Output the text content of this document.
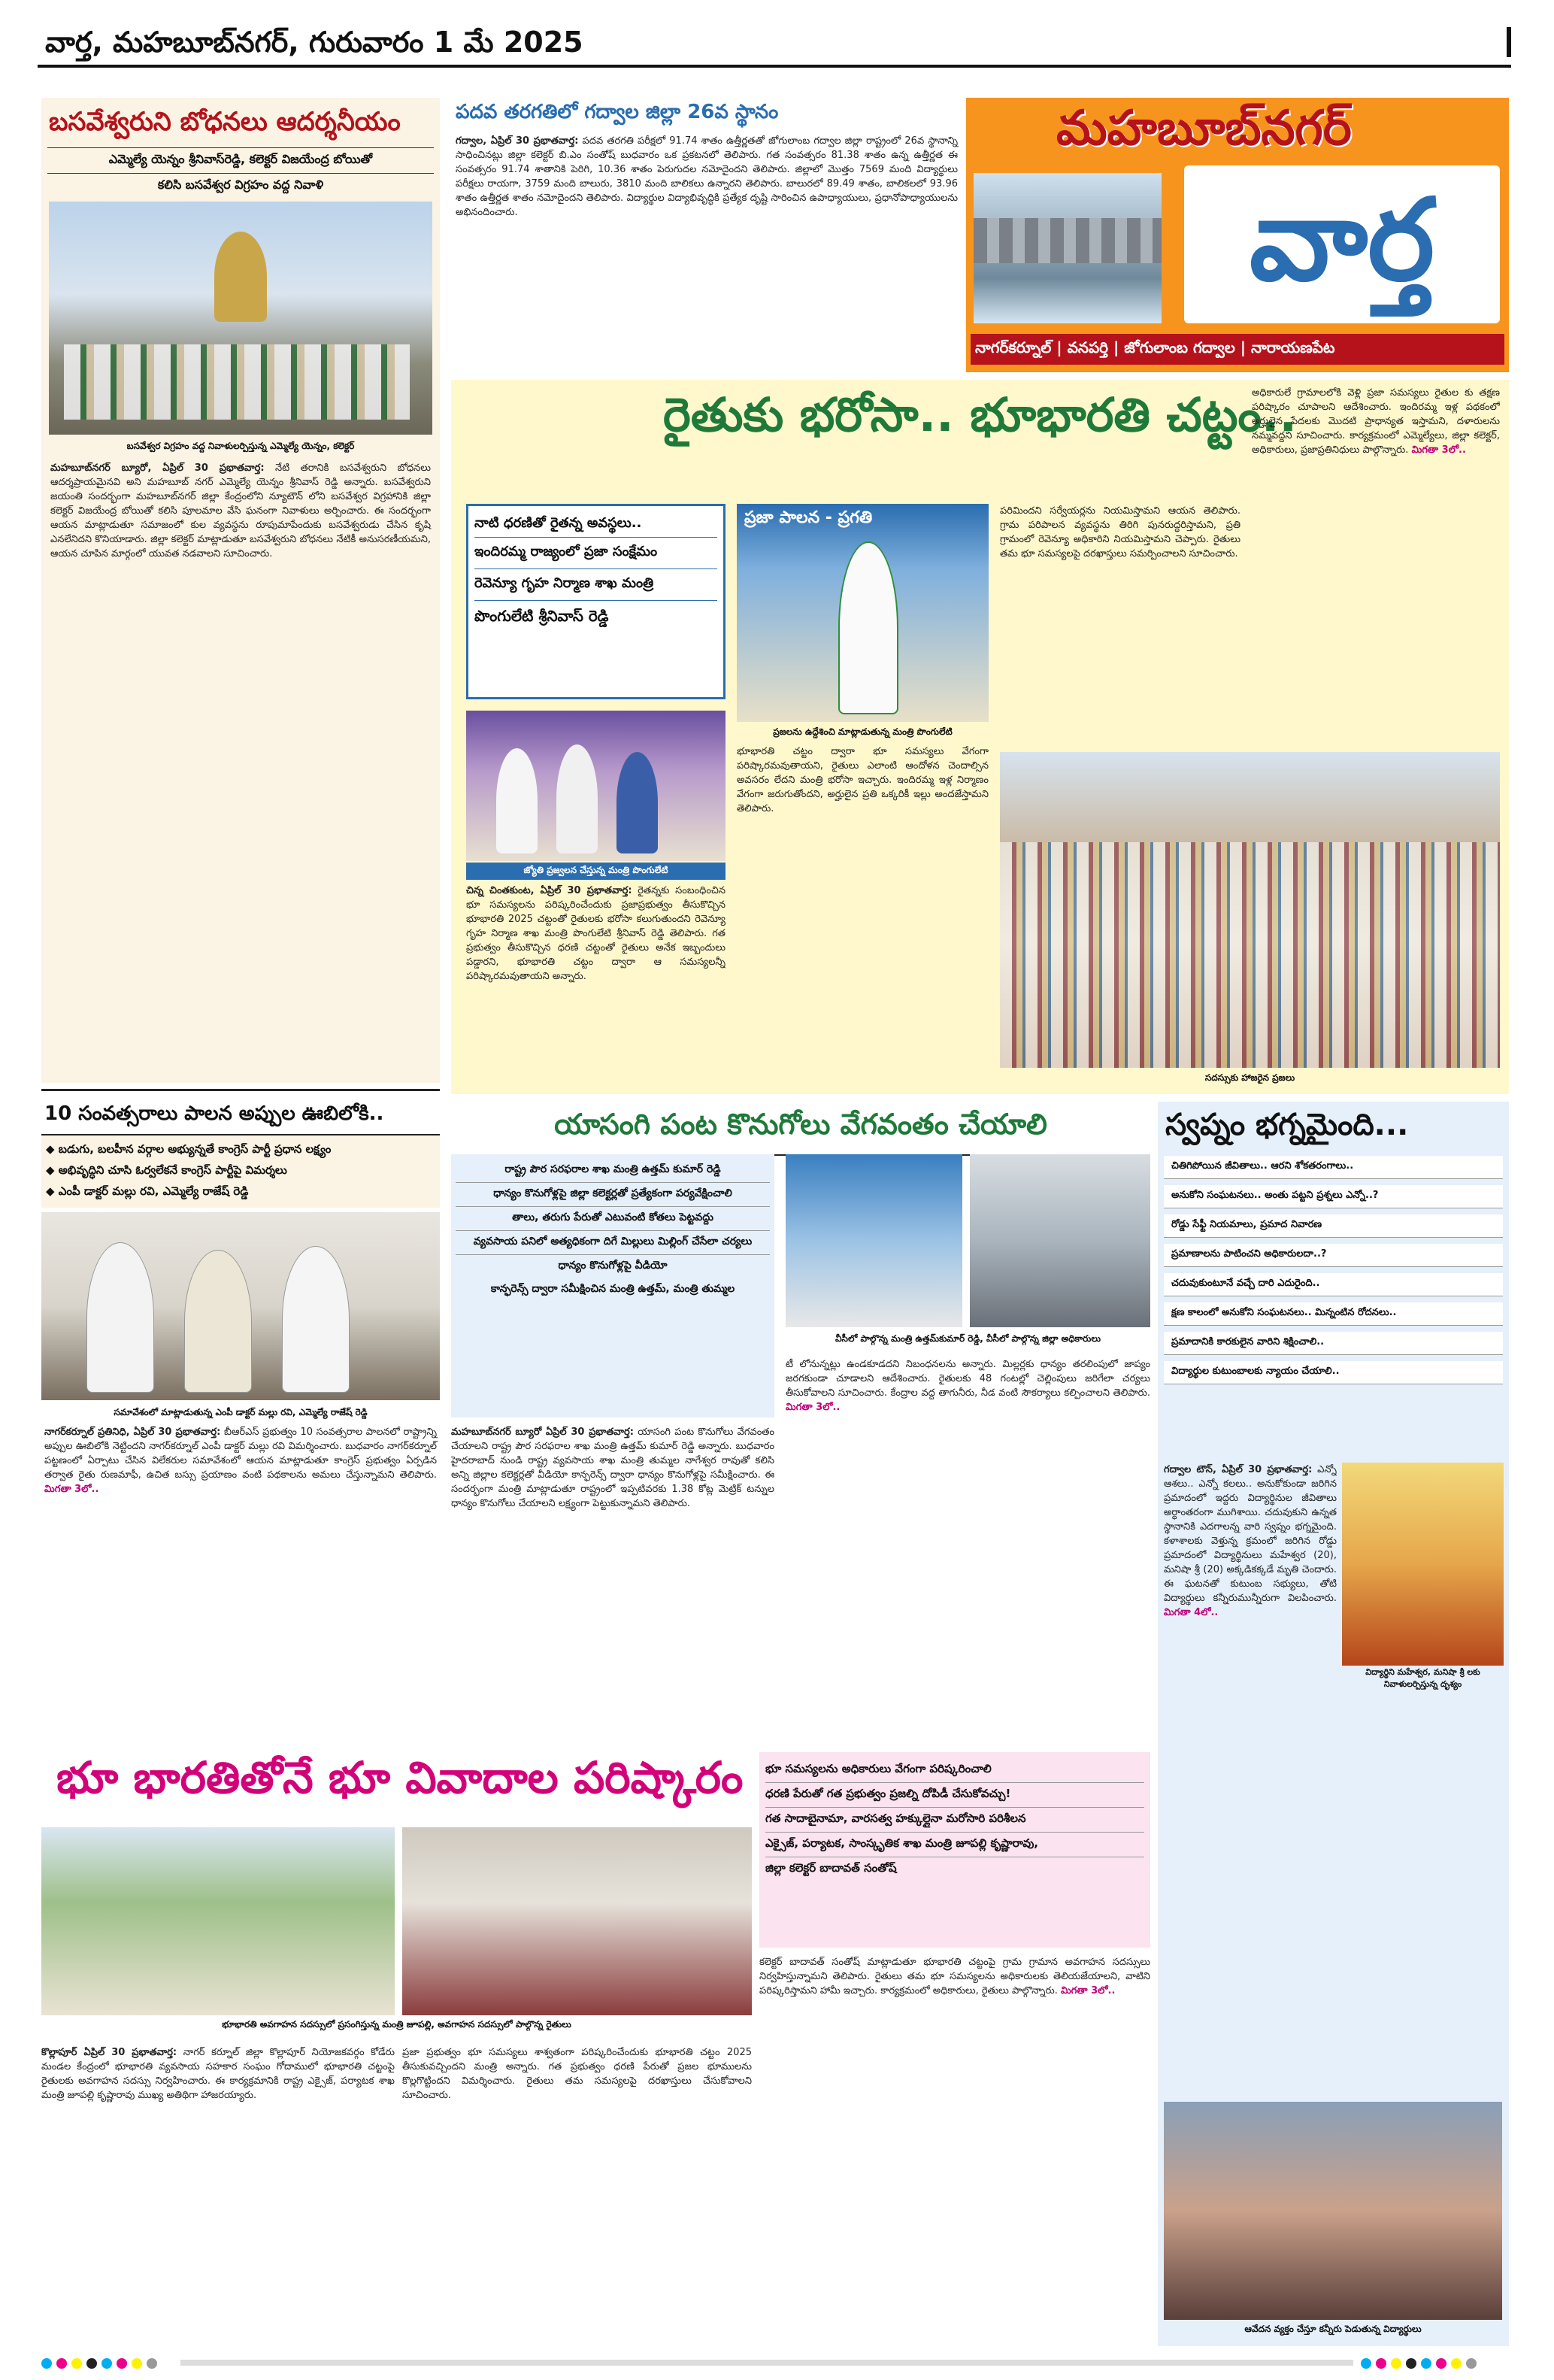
వార్త, మహబూబ్‌నగర్, గురువారం 1 మే 2025
బసవేశ్వరుని బోధనలు ఆదర్శనీయం
ఎమ్మెల్యే యెన్నం శ్రీనివాస్‌రెడ్డి, కలెక్టర్ విజయేంద్ర బోయితో
కలిసి బసవేశ్వర విగ్రహం వద్ద నివాళి
బసవేశ్వర విగ్రహం వద్ద నివాళులర్పిస్తున్న ఎమ్మెల్యే యెన్నం, కలెక్టర్
మహబూబ్‌నగర్ బ్యూరో, ఏప్రిల్ 30 ప్రభాతవార్త: నేటి తరానికి బసవేశ్వరుని బోధనలు ఆదర్శప్రాయమైనవి అని మహబూబ్ నగర్ ఎమ్మెల్యే యెన్నం శ్రీనివాస్ రెడ్డి అన్నారు. బసవేశ్వరుని జయంతి సందర్భంగా మహబూబ్‌నగర్ జిల్లా కేంద్రంలోని న్యూటౌన్ లోని బసవేశ్వర విగ్రహానికి జిల్లా కలెక్టర్ విజయేంద్ర బోయితో కలిసి పూలమాల వేసి ఘనంగా నివాళులు అర్పించారు. ఈ సందర్భంగా ఆయన మాట్లాడుతూ సమాజంలో కుల వ్యవస్థను రూపుమాపేందుకు బసవేశ్వరుడు చేసిన కృషి ఎనలేనిదని కొనియాడారు. జిల్లా కలెక్టర్ మాట్లాడుతూ బసవేశ్వరుని బోధనలు నేటికీ అనుసరణీయమని, ఆయన చూపిన మార్గంలో యువత నడవాలని సూచించారు.
10 సంవత్సరాలు పాలన అప్పుల ఊబిలోకి..
◆ బడుగు, బలహీన వర్గాల అభ్యున్నతే కాంగ్రెస్ పార్టీ ప్రధాన లక్ష్యం
◆ అభివృద్ధిని చూసి ఓర్వలేకనే కాంగ్రెస్ పార్టీపై విమర్శలు
◆ ఎంపీ డాక్టర్ మల్లు రవి, ఎమ్మెల్యే రాజేష్ రెడ్డి
సమావేశంలో మాట్లాడుతున్న ఎంపీ డాక్టర్ మల్లు రవి, ఎమ్మెల్యే రాజేష్ రెడ్డి
నాగర్‌కర్నూల్ ప్రతినిధి, ఏప్రిల్ 30 ప్రభాతవార్త: బీఆర్ఎస్ ప్రభుత్వం 10 సంవత్సరాల పాలనలో రాష్ట్రాన్ని అప్పుల ఊబిలోకి నెట్టిందని నాగర్‌కర్నూల్ ఎంపీ డాక్టర్ మల్లు రవి విమర్శించారు. బుధవారం నాగర్‌కర్నూల్ పట్టణంలో ఏర్పాటు చేసిన విలేకరుల సమావేశంలో ఆయన మాట్లాడుతూ కాంగ్రెస్ ప్రభుత్వం ఏర్పడిన తర్వాత రైతు రుణమాఫీ, ఉచిత బస్సు ప్రయాణం వంటి పథకాలను అమలు చేస్తున్నామని తెలిపారు. మిగతా 3లో..
పదవ తరగతిలో గద్వాల జిల్లా 26వ స్థానం
గద్వాల, ఏప్రిల్ 30 ప్రభాతవార్త: పదవ తరగతి పరీక్షలో 91.74 శాతం ఉత్తీర్ణతతో జోగులాంబ గద్వాల జిల్లా రాష్ట్రంలో 26వ స్థానాన్ని సాధించినట్లు జిల్లా కలెక్టర్ బి.ఎం సంతోష్ బుధవారం ఒక ప్రకటనలో తెలిపారు. గత సంవత్సరం 81.38 శాతం ఉన్న ఉత్తీర్ణత ఈ సంవత్సరం 91.74 శాతానికి పెరిగి, 10.36 శాతం పెరుగుదల నమోదైందని తెలిపారు. జిల్లాలో మొత్తం 7569 మంది విద్యార్థులు పరీక్షలు రాయగా, 3759 మంది బాలురు, 3810 మంది బాలికలు ఉన్నారని తెలిపారు. బాలురలో 89.49 శాతం, బాలికలలో 93.96 శాతం ఉత్తీర్ణత శాతం నమోదైందని తెలిపారు. విద్యార్థుల విద్యాభివృద్ధికి ప్రత్యేక దృష్టి సారించిన ఉపాధ్యాయులు, ప్రధానోపాధ్యాయులను అభినందించారు.
మహబూబ్‌నగర్
వార్త
నాగర్‌కర్నూల్ | వనపర్తి | జోగులాంబ గద్వాల | నారాయణపేట
రైతుకు భరోసా.. భూభారతి చట్టం..
నాటి ధరణితో రైతన్న అవస్థలు..
ఇందిరమ్మ రాజ్యంలో ప్రజా సంక్షేమం
రెవెన్యూ గృహ నిర్మాణ శాఖ మంత్రి
పొంగులేటి శ్రీనివాస్ రెడ్డి
జ్యోతి ప్రజ్వలన చేస్తున్న మంత్రి పొంగులేటి
ప్రజా పాలన - ప్రగతి
ప్రజలను ఉద్దేశించి మాట్లాడుతున్న మంత్రి పొంగులేటి
చిన్న చింతకుంట, ఏప్రిల్ 30 ప్రభాతవార్త: రైతన్నకు సంబంధించిన భూ సమస్యలను పరిష్కరించేందుకు ప్రజాప్రభుత్వం తీసుకొచ్చిన భూభారతి 2025 చట్టంతో రైతులకు భరోసా కలుగుతుందని రెవెన్యూ గృహ నిర్మాణ శాఖ మంత్రి పొంగులేటి శ్రీనివాస్ రెడ్డి తెలిపారు. గత ప్రభుత్వం తీసుకొచ్చిన ధరణి చట్టంతో రైతులు అనేక ఇబ్బందులు పడ్డారని, భూభారతి చట్టం ద్వారా ఆ సమస్యలన్నీ పరిష్కారమవుతాయని అన్నారు.
భూభారతి చట్టం ద్వారా భూ సమస్యలు వేగంగా పరిష్కారమవుతాయని, రైతులు ఎలాంటి ఆందోళన చెందాల్సిన అవసరం లేదని మంత్రి భరోసా ఇచ్చారు. ఇందిరమ్మ ఇళ్ల నిర్మాణం వేగంగా జరుగుతోందని, అర్హులైన ప్రతి ఒక్కరికీ ఇల్లు అందజేస్తామని తెలిపారు.
పరిమిందని సర్వేయర్లను నియమిస్తామని ఆయన తెలిపారు. గ్రామ పరిపాలన వ్యవస్థను తిరిగి పునరుద్ధరిస్తామని, ప్రతి గ్రామంలో రెవెన్యూ అధికారిని నియమిస్తామని చెప్పారు. రైతులు తమ భూ సమస్యలపై దరఖాస్తులు సమర్పించాలని సూచించారు.
అధికారులే గ్రామాలలోకి వెళ్లి ప్రజా సమస్యలు రైతుల కు తక్షణ పరిష్కారం చూపాలని ఆదేశించారు. ఇందిరమ్మ ఇళ్ల పథకంలో అర్హులైన పేదలకు మొదటి ప్రాధాన్యత ఇస్తామని, దళారులను నమ్మవద్దని సూచించారు. కార్యక్రమంలో ఎమ్మెల్యేలు, జిల్లా కలెక్టర్, అధికారులు, ప్రజాప్రతినిధులు పాల్గొన్నారు. మిగతా 3లో..
సదస్సుకు హాజరైన ప్రజలు
యాసంగి పంట కొనుగోలు వేగవంతం చేయాలి
రాష్ట్ర పౌర సరఫరాల శాఖ మంత్రి ఉత్తమ్ కుమార్ రెడ్డి
ధాన్యం కొనుగోళ్లపై జిల్లా కలెక్టర్లతో ప్రత్యేకంగా పర్యవేక్షించాలి
తాలు, తరుగు పేరుతో ఎటువంటి కోతలు పెట్టవద్దు
వ్యవసాయ పనిలో అత్యధికంగా దిగే మిల్లులు మిల్లింగ్ చేసేలా చర్యలు
ధాన్యం కొనుగోళ్లపై వీడియో
కాన్ఫరెన్స్ ద్వారా సమీక్షించిన మంత్రి ఉత్తమ్, మంత్రి తుమ్మల
వీసీలో పాల్గొన్న మంత్రి ఉత్తమ్‌కుమార్ రెడ్డి, వీసీలో పాల్గొన్న జిల్లా అధికారులు
మహబూబ్‌నగర్ బ్యూరో ఏప్రిల్ 30 ప్రభాతవార్త: యాసంగి పంట కొనుగోలు వేగవంతం చేయాలని రాష్ట్ర పౌర సరఫరాల శాఖ మంత్రి ఉత్తమ్ కుమార్ రెడ్డి అన్నారు. బుధవారం హైదరాబాద్ నుండి రాష్ట్ర వ్యవసాయ శాఖ మంత్రి తుమ్మల నాగేశ్వర రావుతో కలిసి అన్ని జిల్లాల కలెక్టర్లతో వీడియో కాన్ఫరెన్స్ ద్వారా ధాన్యం కొనుగోళ్లపై సమీక్షించారు. ఈ సందర్భంగా మంత్రి మాట్లాడుతూ రాష్ట్రంలో ఇప్పటివరకు 1.38 కోట్ల మెట్రిక్ టన్నుల ధాన్యం కొనుగోలు చేయాలని లక్ష్యంగా పెట్టుకున్నామని తెలిపారు.
టీ లోనున్నట్లు ఉండకూడదని నిబంధనలను అన్నారు. మిల్లర్లకు ధాన్యం తరలింపులో జాప్యం జరగకుండా చూడాలని ఆదేశించారు. రైతులకు 48 గంటల్లో చెల్లింపులు జరిగేలా చర్యలు తీసుకోవాలని సూచించారు. కేంద్రాల వద్ద తాగునీరు, నీడ వంటి సౌకర్యాలు కల్పించాలని తెలిపారు. మిగతా 3లో..
స్వప్నం భగ్నమైంది...
చితిగిపోయిన జీవితాలు.. ఆరని శోకతరంగాలు..
అనుకోని సంఘటనలు.. అంతు పట్టని ప్రశ్నలు ఎన్నో..?
రోడ్డు సేఫ్టీ నియమాలు, ప్రమాద నివారణ
ప్రమాణాలను పాటించని అధికారులదా..?
చదువుకుంటూనే వచ్చే దారి ఎదురైంది..
క్షణ కాలంలో అనుకోని సంఘటనలు.. మిన్నంటిన రోదనలు..
ప్రమాదానికి కారకులైన వారిని శిక్షించాలి..
విద్యార్థుల కుటుంబాలకు న్యాయం చేయాలి..
విద్యార్థిని మహేశ్వర, మనిషా శ్రీ లకు నివాళులర్పిస్తున్న దృశ్యం
గద్వాల టౌన్, ఏప్రిల్ 30 ప్రభాతవార్త: ఎన్నో ఆశలు.. ఎన్నో కలలు.. అనుకోకుండా జరిగిన ప్రమాదంలో ఇద్దరు విద్యార్థినుల జీవితాలు అర్ధాంతరంగా ముగిశాయి. చదువుకుని ఉన్నత స్థానానికి ఎదగాలన్న వారి స్వప్నం భగ్నమైంది. కళాశాలకు వెళ్తున్న క్రమంలో జరిగిన రోడ్డు ప్రమాదంలో విద్యార్థినులు మహేశ్వర (20), మనిషా శ్రీ (20) అక్కడికక్కడే మృతి చెందారు. ఈ ఘటనతో కుటుంబ సభ్యులు, తోటి విద్యార్థులు కన్నీరుమున్నీరుగా విలపించారు. మిగతా 4లో..
ఆవేదన వ్యక్తం చేస్తూ కన్నీరు పెడుతున్న విద్యార్థులు
భూ భారతితోనే భూ వివాదాల పరిష్కారం భూ సమస్యలను అధికారులు వేగంగా పరిష్కరించాలి
ధరణి పేరుతో గత ప్రభుత్వం ప్రజల్ని దోపిడీ చేసుకోవచ్చు!
గత సాదాబైనామా, వారసత్వ హక్కుల్లైనా మరోసారి పరిశీలన
ఎక్సైజ్, పర్యాటక, సాంస్కృతిక శాఖ మంత్రి జూపల్లి కృష్ణారావు,
జిల్లా కలెక్టర్ బాదావత్ సంతోష్
భూభారతి అవగాహన సదస్సులో ప్రసంగిస్తున్న మంత్రి జూపల్లి, అవగాహన సదస్సులో పాల్గొన్న రైతులు
కొల్లాపూర్ ఏప్రిల్ 30 ప్రభాతవార్త: నాగర్ కర్నూల్ జిల్లా కొల్లాపూర్ నియోజకవర్గం కోడేరు మండల కేంద్రంలో భూభారతి వ్యవసాయ సహకార సంఘం గోదాములో భూభారతి చట్టంపై రైతులకు అవగాహన సదస్సు నిర్వహించారు. ఈ కార్యక్రమానికి రాష్ట్ర ఎక్సైజ్, పర్యాటక శాఖ మంత్రి జూపల్లి కృష్ణారావు ముఖ్య అతిథిగా హాజరయ్యారు.
ప్రజా ప్రభుత్వం భూ సమస్యలు శాశ్వతంగా పరిష్కరించేందుకు భూభారతి చట్టం 2025 తీసుకువచ్చిందని మంత్రి అన్నారు. గత ప్రభుత్వం ధరణి పేరుతో ప్రజల భూములను కొల్లగొట్టిందని విమర్శించారు. రైతులు తమ సమస్యలపై దరఖాస్తులు చేసుకోవాలని సూచించారు.
కలెక్టర్ బాదావత్ సంతోష్ మాట్లాడుతూ భూభారతి చట్టంపై గ్రామ గ్రామాన అవగాహన సదస్సులు నిర్వహిస్తున్నామని తెలిపారు. రైతులు తమ భూ సమస్యలను అధికారులకు తెలియజేయాలని, వాటిని పరిష్కరిస్తామని హామీ ఇచ్చారు. కార్యక్రమంలో అధికారులు, రైతులు పాల్గొన్నారు. మిగతా 3లో..
